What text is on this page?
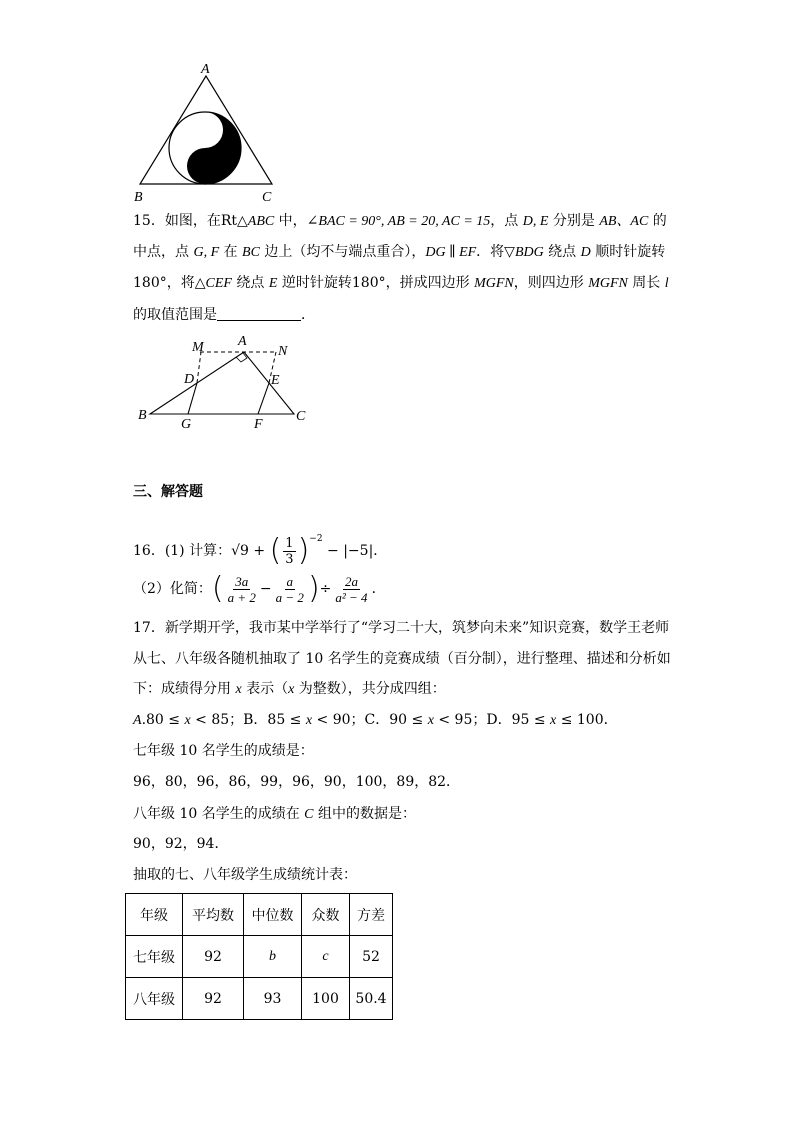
A
B	C
15．如图，在Rt△ABC 中，∠BAC = 90°, AB = 20, AC = 15，点 D, E 分别是 AB、AC 的
中点，点 G, F 在 BC 边上（均不与端点重合），DG ∥ EF．将▽BDG 绕点 D 顺时针旋转
180°，将△CEF 绕点 E 逆时针旋转180°，拼成四边形 MGFN，则四边形 MGFN 周长 l
的取值范围是	．
M A
N
D	E
B
G	F
C
三、解答题
16．(1) 计算：√9 + ( $\frac{1}{3} )^{-2} - |-5|$．
（2）化简：( $\frac{3a}{a + 2} - \frac{a}{a - 2}$ )÷ $\frac{2a}{\text{a² − 4}}$ ．
17．新学期开学，我市某中学举行了“学习二十大，筑梦向未来”知识竞赛，数学王老师
从七、八年级各随机抽取了 10 名学生的竞赛成绩（百分制），进行整理、描述和分析如
下：成绩得分用 x 表示（x 为整数），共分成四组：
A.80 ≤ x < 85；B．85 ≤ x < 90；C．90 ≤ x < 95；D．95 ≤ x ≤ 100．
七年级 10 名学生的成绩是：
96，80，96，86，99，96，90，100，89，82．
八年级 10 名学生的成绩在 C 组中的数据是：
90，92，94．
抽取的七、八年级学生成绩统计表：
年级	平均数	中位数	众数	方差
七年级	92	b	c	52
八年级	92	93	100	50.4
